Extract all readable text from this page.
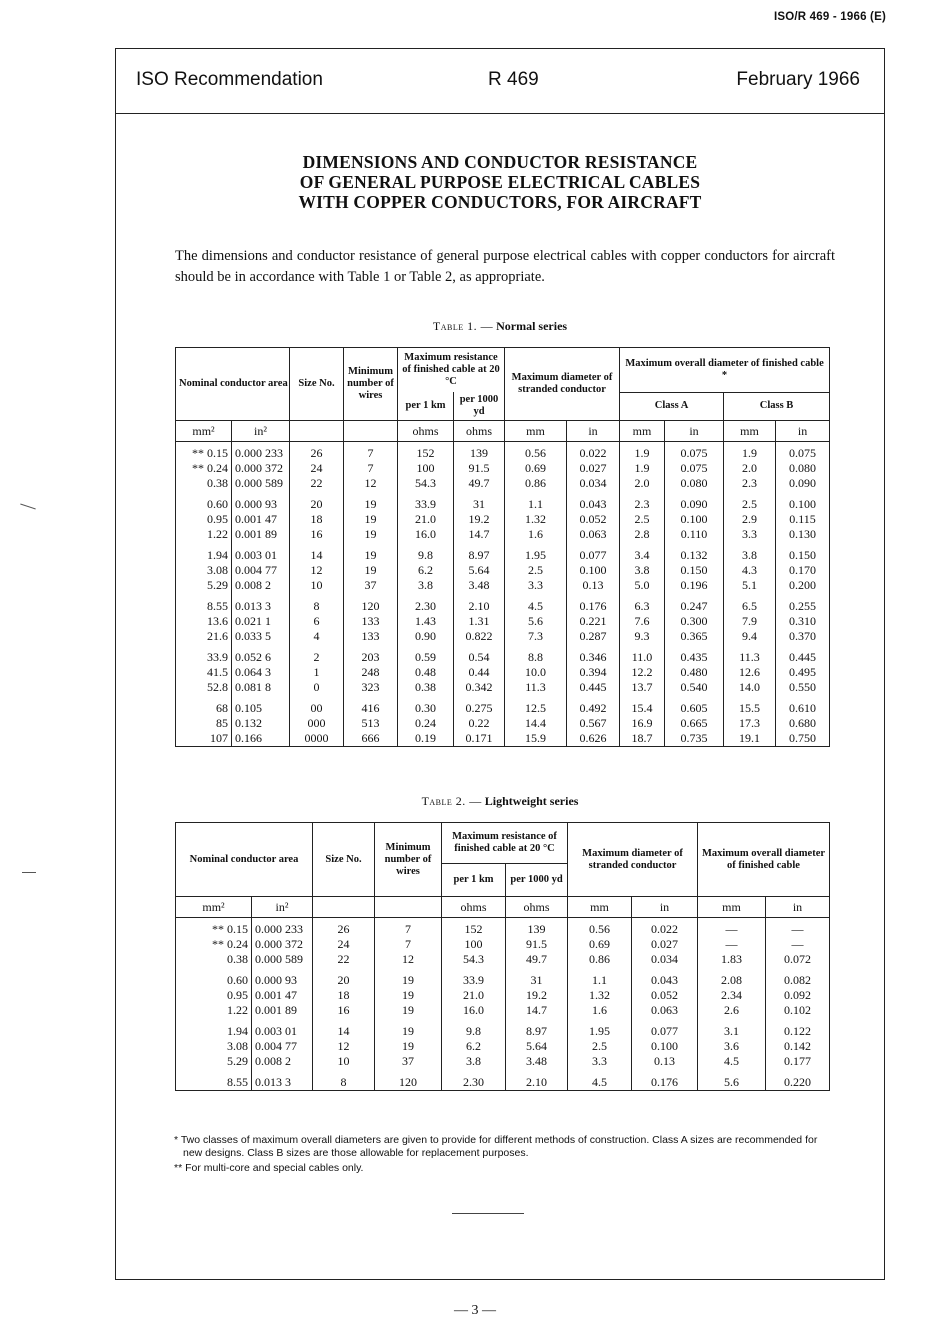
ISO/R 469 - 1966 (E)
ISO Recommendation	R 469	February 1966
DIMENSIONS AND CONDUCTOR RESISTANCE
OF GENERAL PURPOSE ELECTRICAL CABLES
WITH COPPER CONDUCTORS, FOR AIRCRAFT
The dimensions and conductor resistance of general purpose electrical cables with copper conductors for aircraft should be in accordance with Table 1 or Table 2, as appropriate.
Table 1. — Normal series
Nominal conductor area		Size No.	Minimum number of wires	Maximum resistance of finished cable at 20 °C		Maximum diameter of stranded conductor		Maximum overall diameter of finished cable *			
				per 1 km	per 1000 yd			Class A		Class B	
mm²	in²			ohms	ohms	mm	in	mm	in	mm	in
** 0.15	0.000 233	26	7	152	139	0.56	0.022	1.9	0.075	1.9	0.075
** 0.24	0.000 372	24	7	100	91.5	0.69	0.027	1.9	0.075	2.0	0.080
0.38	0.000 589	22	12	54.3	49.7	0.86	0.034	2.0	0.080	2.3	0.090
0.60	0.000 93	20	19	33.9	31	1.1	0.043	2.3	0.090	2.5	0.100
0.95	0.001 47	18	19	21.0	19.2	1.32	0.052	2.5	0.100	2.9	0.115
1.22	0.001 89	16	19	16.0	14.7	1.6	0.063	2.8	0.110	3.3	0.130
1.94	0.003 01	14	19	9.8	8.97	1.95	0.077	3.4	0.132	3.8	0.150
3.08	0.004 77	12	19	6.2	5.64	2.5	0.100	3.8	0.150	4.3	0.170
5.29	0.008 2	10	37	3.8	3.48	3.3	0.13	5.0	0.196	5.1	0.200
8.55	0.013 3	8	120	2.30	2.10	4.5	0.176	6.3	0.247	6.5	0.255
13.6	0.021 1	6	133	1.43	1.31	5.6	0.221	7.6	0.300	7.9	0.310
21.6	0.033 5	4	133	0.90	0.822	7.3	0.287	9.3	0.365	9.4	0.370
33.9	0.052 6	2	203	0.59	0.54	8.8	0.346	11.0	0.435	11.3	0.445
41.5	0.064 3	1	248	0.48	0.44	10.0	0.394	12.2	0.480	12.6	0.495
52.8	0.081 8	0	323	0.38	0.342	11.3	0.445	13.7	0.540	14.0	0.550
68	0.105	00	416	0.30	0.275	12.5	0.492	15.4	0.605	15.5	0.610
85	0.132	000	513	0.24	0.22	14.4	0.567	16.9	0.665	17.3	0.680
107	0.166	0000	666	0.19	0.171	15.9	0.626	18.7	0.735	19.1	0.750
Table 2. — Lightweight series
Nominal conductor area		Size No.	Minimum number of wires	Maximum resistance of finished cable at 20 °C		Maximum diameter of stranded conductor		Maximum overall diameter of finished cable	
				per 1 km	per 1000 yd				
mm²	in²			ohms	ohms	mm	in	mm	in
** 0.15	0.000 233	26	7	152	139	0.56	0.022	—	—
** 0.24	0.000 372	24	7	100	91.5	0.69	0.027	—	—
0.38	0.000 589	22	12	54.3	49.7	0.86	0.034	1.83	0.072
0.60	0.000 93	20	19	33.9	31	1.1	0.043	2.08	0.082
0.95	0.001 47	18	19	21.0	19.2	1.32	0.052	2.34	0.092
1.22	0.001 89	16	19	16.0	14.7	1.6	0.063	2.6	0.102
1.94	0.003 01	14	19	9.8	8.97	1.95	0.077	3.1	0.122
3.08	0.004 77	12	19	6.2	5.64	2.5	0.100	3.6	0.142
5.29	0.008 2	10	37	3.8	3.48	3.3	0.13	4.5	0.177
8.55	0.013 3	8	120	2.30	2.10	4.5	0.176	5.6	0.220

* Two classes of maximum overall diameters are given to provide for different methods of construction. Class A sizes are recommended for new designs. Class B sizes are those allowable for replacement purposes.

** For multi-core and special cables only.

— 3 —
